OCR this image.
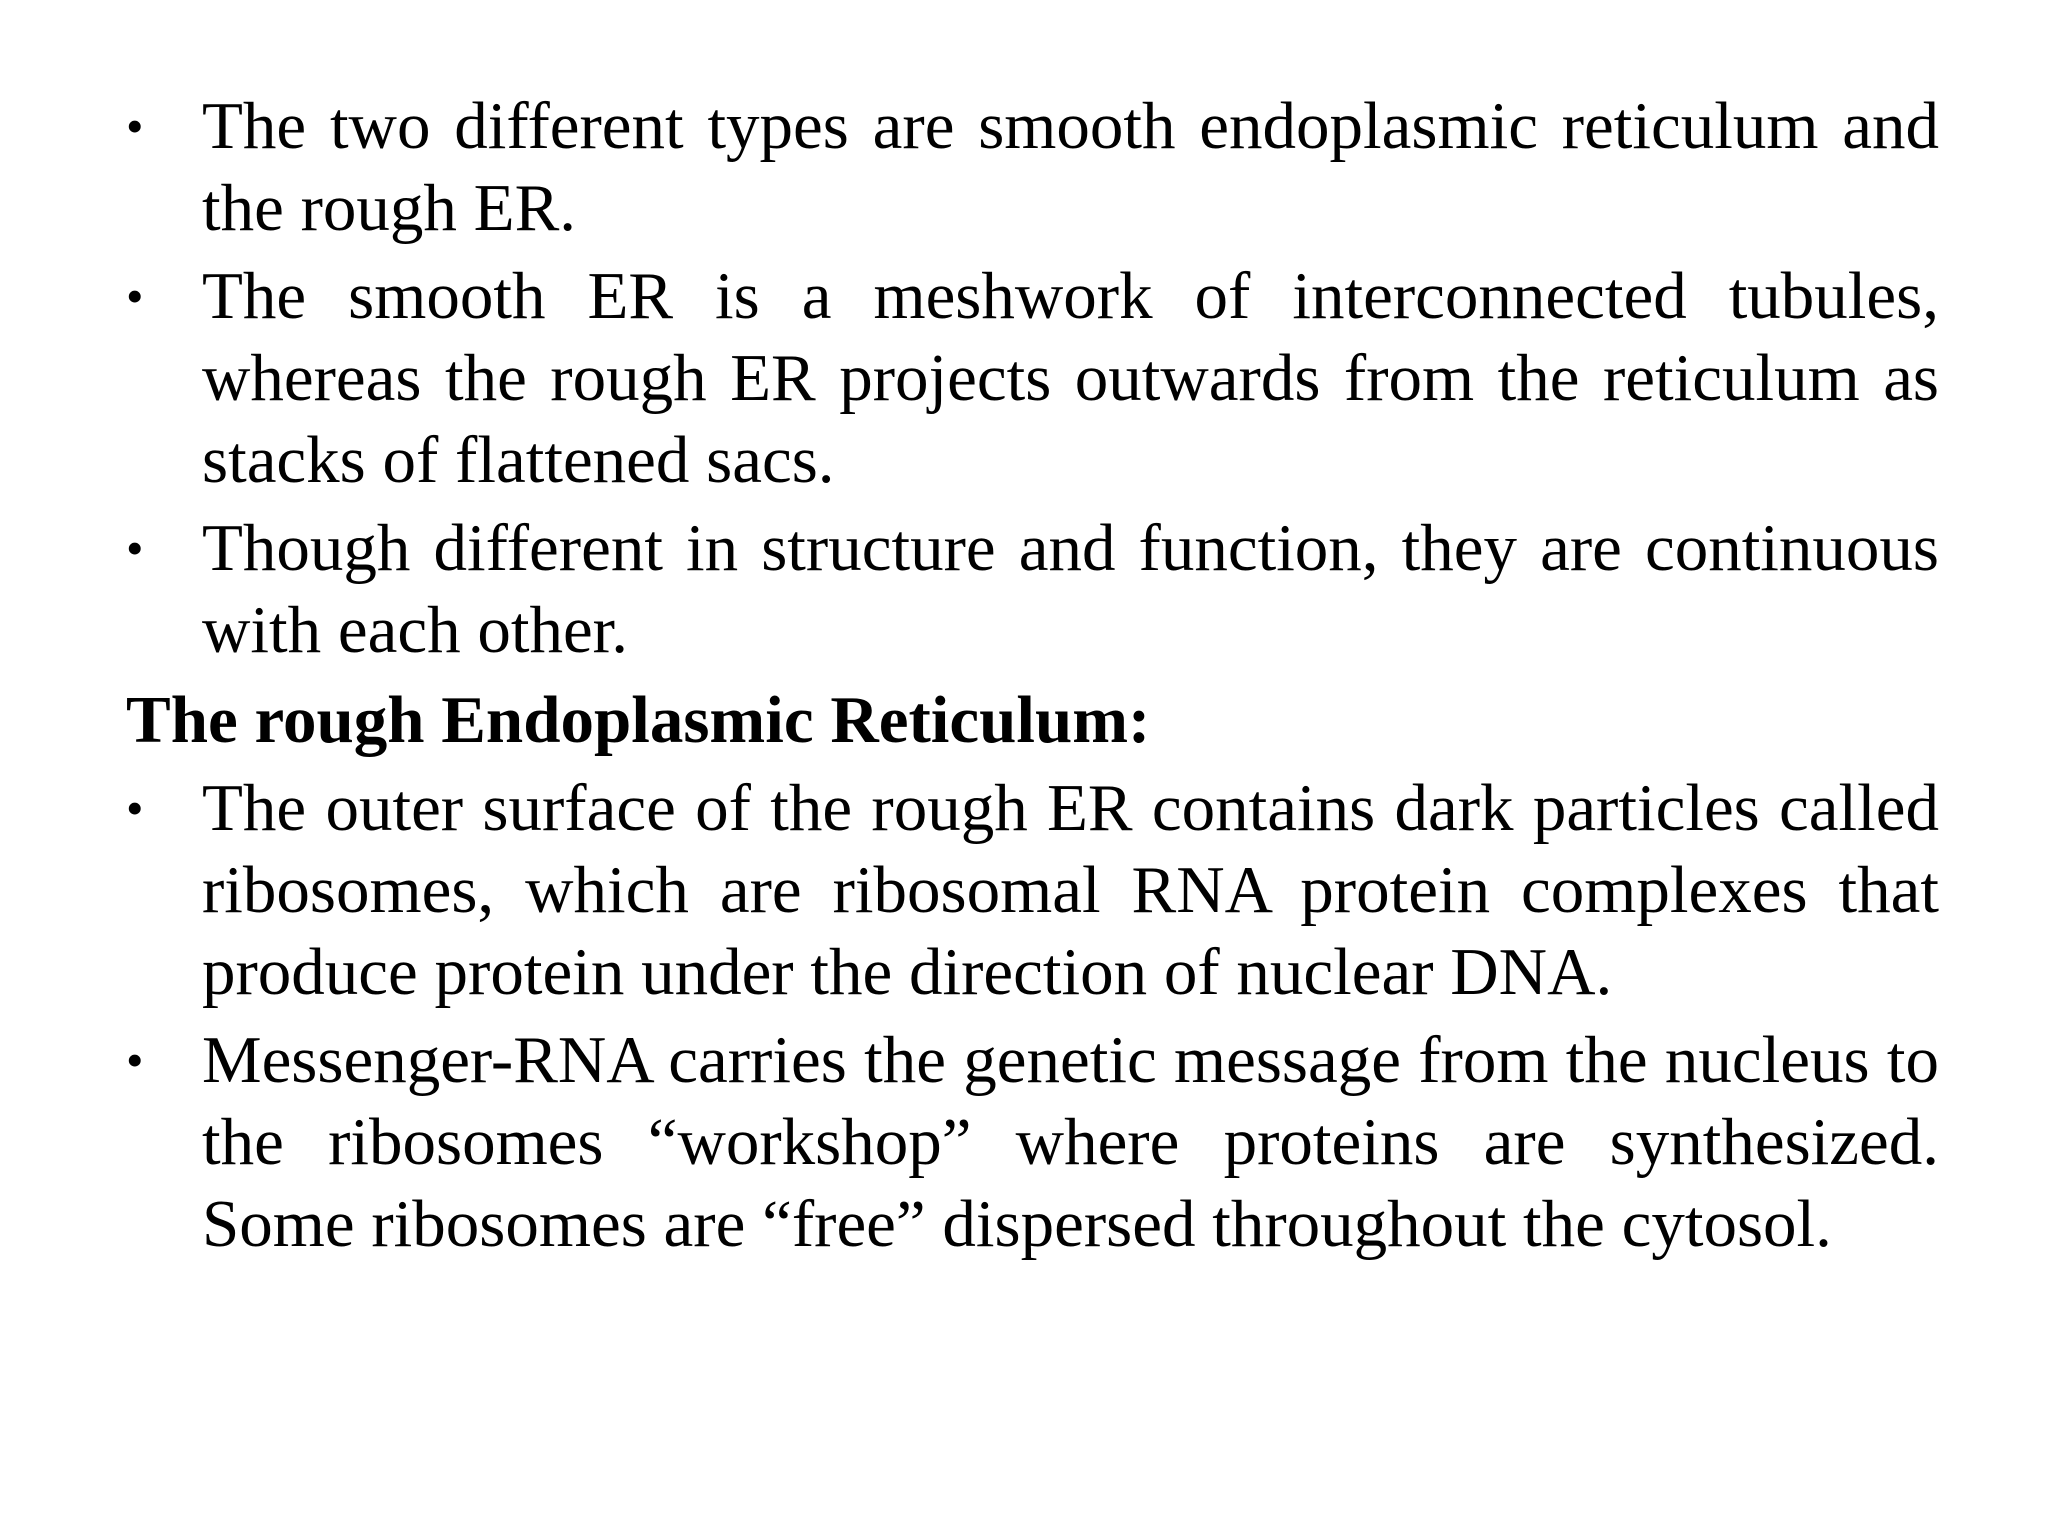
• The two different types are smooth endoplasmic reticulum and the rough ER.
• The smooth ER is a meshwork of interconnected tubules, whereas the rough ER projects outwards from the reticulum as stacks of flattened sacs.
• Though different in structure and function, they are continuous with each other.
The rough Endoplasmic Reticulum:
• The outer surface of the rough ER contains dark particles called ribosomes, which are ribosomal RNA protein complexes that produce protein under the direction of nuclear DNA.
• Messenger-RNA carries the genetic message from the nucleus to the ribosomes “workshop” where proteins are synthesized. Some ribosomes are “free” dispersed throughout the cytosol.
